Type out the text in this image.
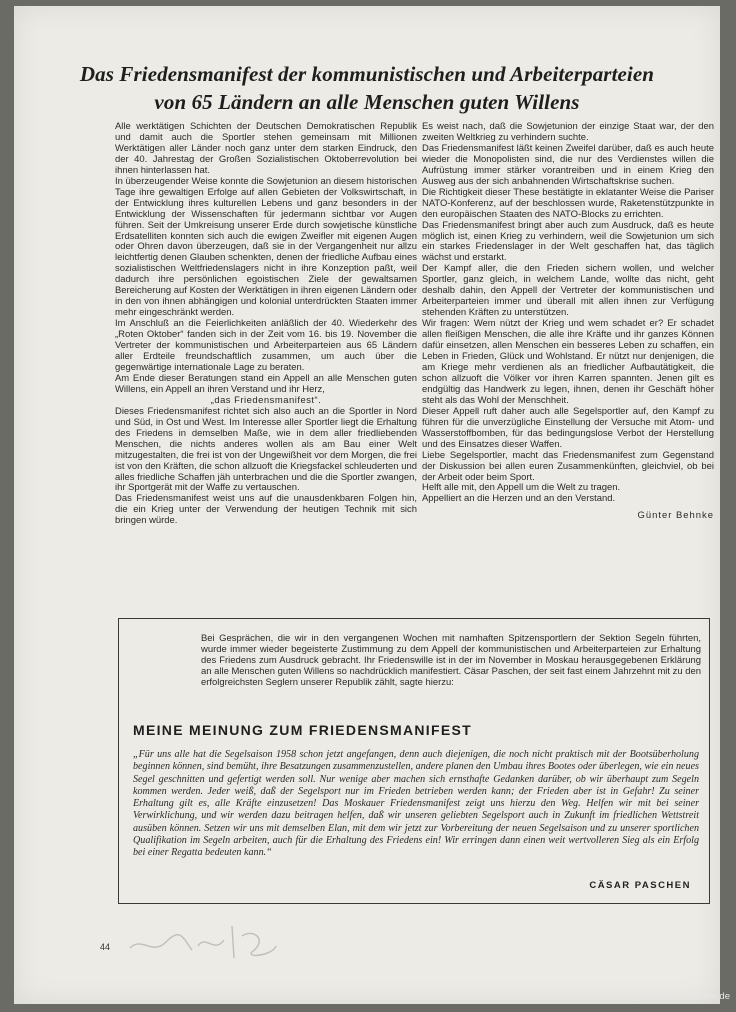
Das Friedensmanifest der kommunistischen und Arbeiterparteien
von 65 Ländern an alle Menschen guten Willens

Alle werktätigen Schichten der Deutschen Demokratischen Republik und damit auch die Sportler stehen gemeinsam mit Millionen Werktätigen aller Länder noch ganz unter dem starken Eindruck, den der 40. Jahrestag der Großen Sozialistischen Oktoberrevolution bei ihnen hinterlassen hat.

In überzeugender Weise konnte die Sowjetunion an diesem historischen Tage ihre gewaltigen Erfolge auf allen Gebieten der Volkswirtschaft, in der Entwicklung ihres kulturellen Lebens und ganz besonders in der Entwicklung der Wissenschaften für jedermann sichtbar vor Augen führen. Seit der Umkreisung unserer Erde durch sowjetische künstliche Erdsatelliten konnten sich auch die ewigen Zweifler mit eigenen Augen oder Ohren davon überzeugen, daß sie in der Vergangenheit nur allzu leichtfertig denen Glauben schenkten, denen der friedliche Aufbau eines sozialistischen Weltfriedenslagers nicht in ihre Konzeption paßt, weil dadurch ihre persönlichen egoistischen Ziele der gewaltsamen Bereicherung auf Kosten der Werktätigen in ihren eigenen Ländern oder in den von ihnen abhängigen und kolonial unterdrückten Staaten immer mehr eingeschränkt werden.

Im Anschluß an die Feierlichkeiten anläßlich der 40. Wiederkehr des „Roten Oktober“ fanden sich in der Zeit vom 16. bis 19. November die Vertreter der kommunistischen und Arbeiterparteien aus 65 Ländern aller Erdteile freundschaftlich zusammen, um auch über die gegenwärtige internationale Lage zu beraten.

Am Ende dieser Beratungen stand ein Appell an alle Menschen guten Willens, ein Appell an ihren Verstand und ihr Herz,

„das Friedensmanifest“.

Dieses Friedensmanifest richtet sich also auch an die Sportler in Nord und Süd, in Ost und West. Im Interesse aller Sportler liegt die Erhaltung des Friedens in demselben Maße, wie in dem aller friedliebenden Menschen, die nichts anderes wollen als am Bau einer Welt mitzugestalten, die frei ist von der Ungewißheit vor dem Morgen, die frei ist von den Kräften, die schon allzuoft die Kriegsfackel schleuderten und alles friedliche Schaffen jäh unterbrachen und die die Sportler zwangen, ihr Sportgerät mit der Waffe zu vertauschen.

Das Friedensmanifest weist uns auf die unausdenkbaren Folgen hin, die ein Krieg unter der Verwendung der heutigen Technik mit sich bringen würde.

Es weist nach, daß die Sowjetunion der einzige Staat war, der den zweiten Weltkrieg zu verhindern suchte.

Das Friedensmanifest läßt keinen Zweifel darüber, daß es auch heute wieder die Monopolisten sind, die nur des Verdienstes willen die Aufrüstung immer stärker vorantreiben und in einem Krieg den Ausweg aus der sich anbahnenden Wirtschaftskrise suchen.

Die Richtigkeit dieser These bestätigte in eklatanter Weise die Pariser NATO-Konferenz, auf der beschlossen wurde, Raketenstützpunkte in den europäischen Staaten des NATO-Blocks zu errichten.

Das Friedensmanifest bringt aber auch zum Ausdruck, daß es heute möglich ist, einen Krieg zu verhindern, weil die Sowjetunion um sich ein starkes Friedenslager in der Welt geschaffen hat, das täglich wächst und erstarkt.

Der Kampf aller, die den Frieden sichern wollen, und welcher Sportler, ganz gleich, in welchem Lande, wollte das nicht, geht deshalb dahin, den Appell der Vertreter der kommunistischen und Arbeiterparteien immer und überall mit allen ihnen zur Verfügung stehenden Kräften zu unterstützen.

Wir fragen: Wem nützt der Krieg und wem schadet er? Er schadet allen fleißigen Menschen, die alle ihre Kräfte und ihr ganzes Können dafür einsetzen, allen Menschen ein besseres Leben zu schaffen, ein Leben in Frieden, Glück und Wohlstand. Er nützt nur denjenigen, die am Kriege mehr verdienen als an friedlicher Aufbautätigkeit, die schon allzuoft die Völker vor ihren Karren spannten. Jenen gilt es endgültig das Handwerk zu legen, ihnen, denen ihr Geschäft höher steht als das Wohl der Menschheit.

Dieser Appell ruft daher auch alle Segelsportler auf, den Kampf zu führen für die unverzügliche Einstellung der Versuche mit Atom- und Wasserstoffbomben, für das bedingungslose Verbot der Herstellung und des Einsatzes dieser Waffen.

Liebe Segelsportler, macht das Friedensmanifest zum Gegenstand der Diskussion bei allen euren Zusammenkünften, gleichviel, ob bei der Arbeit oder beim Sport.

Helft alle mit, den Appell um die Welt zu tragen.

Appelliert an die Herzen und an den Verstand.

Günter Behnke

Bei Gesprächen, die wir in den vergangenen Wochen mit namhaften Spitzensportlern der Sektion Segeln führten, wurde immer wieder begeisterte Zustimmung zu dem Appell der kommunistischen und Arbeiterparteien zur Erhaltung des Friedens zum Ausdruck gebracht. Ihr Friedenswille ist in der im November in Moskau herausgegebenen Erklärung an alle Menschen guten Willens so nachdrücklich manifestiert. Cäsar Paschen, der seit fast einem Jahrzehnt mit zu den erfolgreichsten Seglern unserer Republik zählt, sagte hierzu:
MEINE MEINUNG ZUM FRIEDENSMANIFEST
„Für uns alle hat die Segelsaison 1958 schon jetzt angefangen, denn auch diejenigen, die noch nicht praktisch mit der Bootsüberholung beginnen können, sind bemüht, ihre Besatzungen zusammenzustellen, andere planen den Umbau ihres Bootes oder überlegen, wie ein neues Segel geschnitten und gefertigt werden soll. Nur wenige aber machen sich ernsthafte Gedanken darüber, ob wir überhaupt zum Segeln kommen werden. Jeder weiß, daß der Segelsport nur im Frieden betrieben werden kann; der Frieden aber ist in Gefahr! Zu seiner Erhaltung gilt es, alle Kräfte einzusetzen! Das Moskauer Friedensmanifest zeigt uns hierzu den Weg. Helfen wir mit bei seiner Verwirklichung, und wir werden dazu beitragen helfen, daß wir unseren geliebten Segelsport auch in Zukunft im friedlichen Wettstreit ausüben können. Setzen wir uns mit demselben Elan, mit dem wir jetzt zur Vorbereitung der neuen Segelsaison und zu unserer sportlichen Qualifikation im Segeln arbeiten, auch für die Erhaltung des Friedens ein! Wir erringen dann einen weit wertvolleren Sieg als ein Erfolg bei einer Regatta bedeuten kann.“
CÄSAR PASCHEN
44
© yachtsportmuseum.de
